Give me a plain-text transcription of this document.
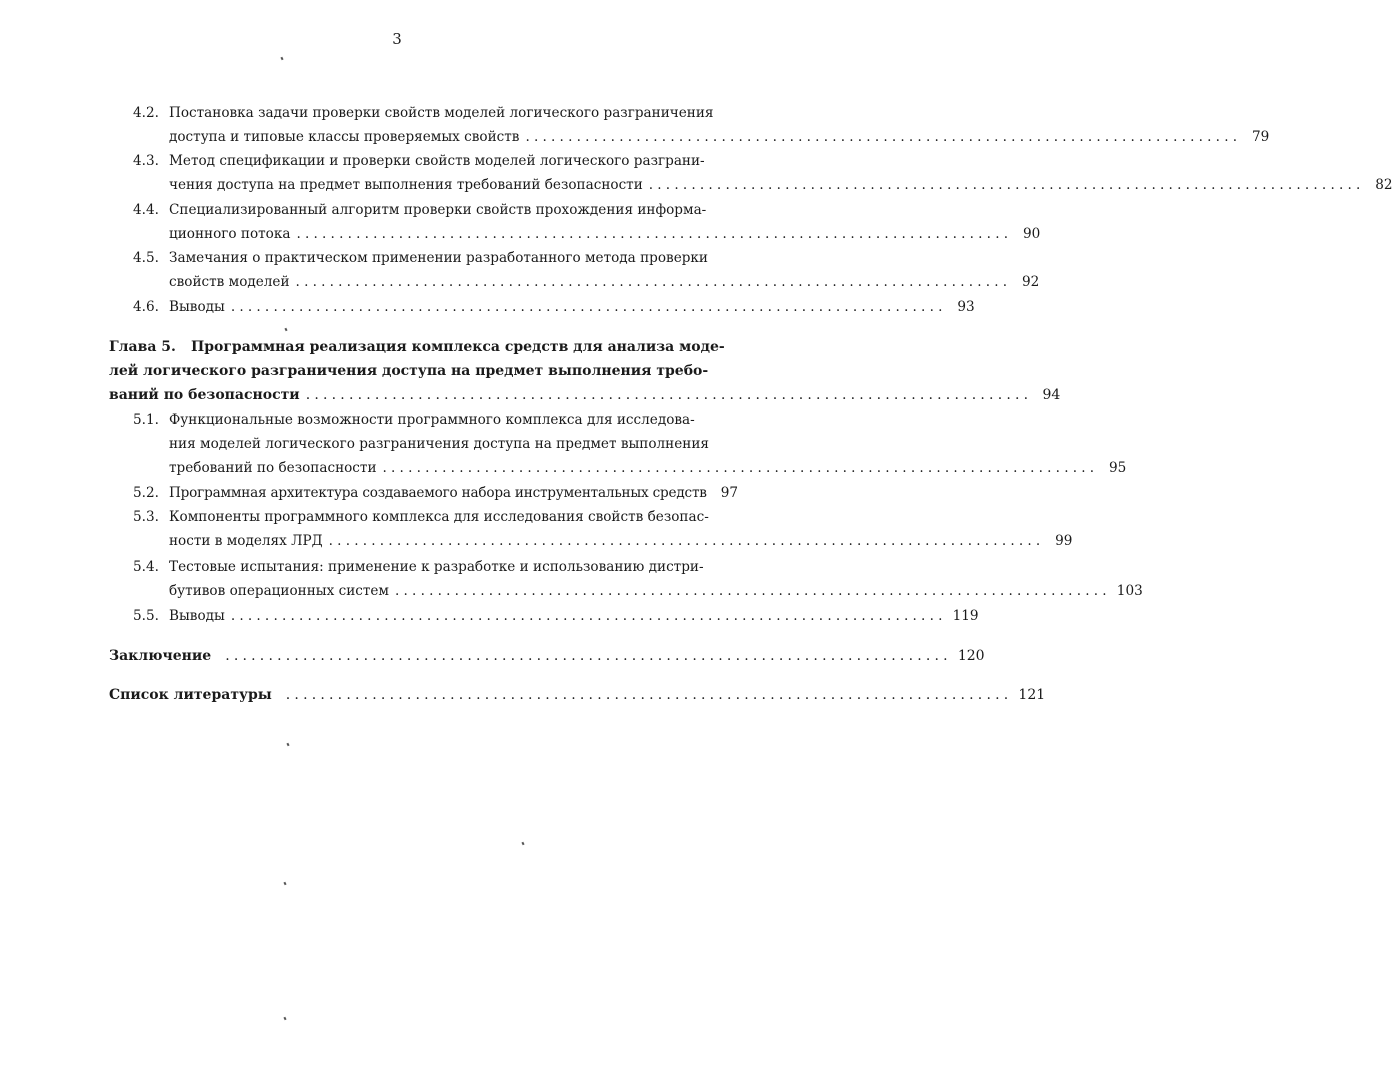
3
4.2. Постановка задачи проверки свойств моделей логического разграничения
доступа и типовые классы проверяемых свойств .................................................................................... 79
4.3. Метод спецификации и проверки свойств моделей логического разграни-
чения доступа на предмет выполнения требований безопасности .................................................................................... 82
4.4. Специализированный алгоритм проверки свойств прохождения информа-
ционного потока .................................................................................... 90
4.5. Замечания о практическом применении разработанного метода проверки
свойств моделей .................................................................................... 92
4.6. Выводы .................................................................................... 93
Глава 5. Программная реализация комплекса средств для анализа моде-
лей логического разграничения доступа на предмет выполнения требо-
ваний по безопасности .................................................................................... 94
5.1. Функциональные возможности программного комплекса для исследова-
ния моделей логического разграничения доступа на предмет выполнения
требований по безопасности .................................................................................... 95
5.2. Программная архитектура создаваемого набора инструментальных средств	97
5.3. Компоненты программного комплекса для исследования свойств безопас-
ности в моделях ЛРД .................................................................................... 99
5.4. Тестовые испытания: применение к разработке и использованию дистри-
бутивов операционных систем .................................................................................... 103
5.5. Выводы .................................................................................... 119
Заключение .................................................................................... 120
Список литературы .................................................................................... 121
